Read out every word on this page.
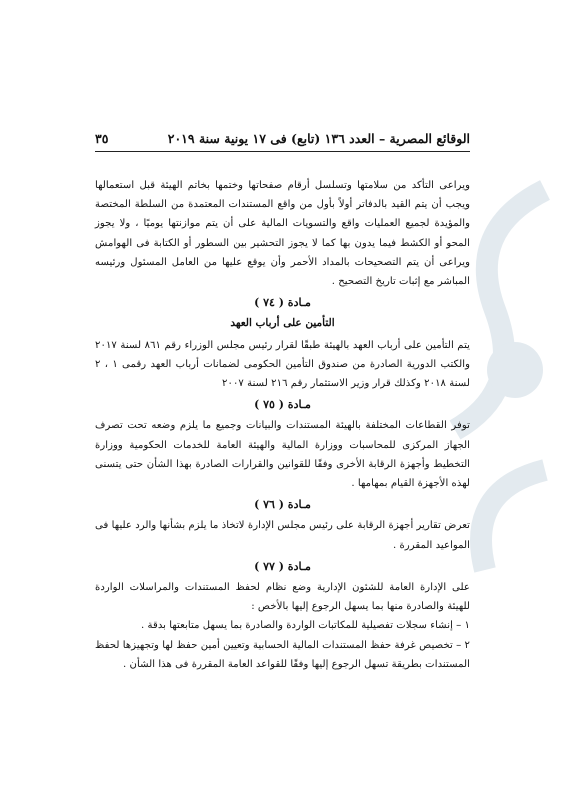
الوقائع المصرية – العدد ١٣٦ (تابع) فى ١٧ يونية سنة ٢٠١٩
٣٥

ويراعى التأكد من سلامتها وتسلسل أرقام صفحاتها وختمها بخاتم الهيئة قبل استعمالها ويجب أن يتم القيد بالدفاتر أولاً بأول من واقع المستندات المعتمدة من السلطة المختصة والمؤيدة لجميع العمليات واقع والتسويات المالية على أن يتم موازنتها يوميًا ، ولا يجوز المحو أو الكشط فيما يدون بها كما لا يجوز التحشير بين السطور أو الكتابة فى الهوامش ويراعى أن يتم التصحيحات بالمداد الأحمر وأن يوقع عليها من العامل المسئول ورئيسه المباشر مع إثبات تاريخ التصحيح .

مـادة ( ٧٤ )
التأمين على أرباب العهد

يتم التأمين على أرباب العهد بالهيئة طبقًا لقرار رئيس مجلس الوزراء رقم ٨٦١ لسنة ٢٠١٧ والكتب الدورية الصادرة من صندوق التأمين الحكومى لضمانات أرباب العهد رقمى ١ ، ٢ لسنة ٢٠١٨ وكذلك قرار وزير الاستثمار رقم ٢١٦ لسنة ٢٠٠٧

مـادة ( ٧٥ )

توفر القطاعات المختلفة بالهيئة المستندات والبيانات وجميع ما يلزم وضعه تحت تصرف الجهاز المركزى للمحاسبات ووزارة المالية والهيئة العامة للخدمات الحكومية ووزارة التخطيط وأجهزة الرقابة الأخرى وفقًا للقوانين والقرارات الصادرة بهذا الشأن حتى يتسنى لهذه الأجهزة القيام بمهامها .

مـادة ( ٧٦ )

تعرض تقارير أجهزة الرقابة على رئيس مجلس الإدارة لاتخاذ ما يلزم بشأنها والرد عليها فى المواعيد المقررة .

مـادة ( ٧٧ )

على الإدارة العامة للشئون الإدارية وضع نظام لحفظ المستندات والمراسلات الواردة للهيئة والصادرة منها بما يسهل الرجوع إليها بالأخص :

١ – إنشاء سجلات تفصيلية للمكاتبات الواردة والصادرة بما يسهل متابعتها بدقة .

٢ – تخصيص غرفة حفظ المستندات المالية الحسابية وتعيين أمين حفظ لها وتجهيزها لحفظ المستندات بطريقة تسهل الرجوع إليها وفقًا للقواعد العامة المقررة فى هذا الشأن .
